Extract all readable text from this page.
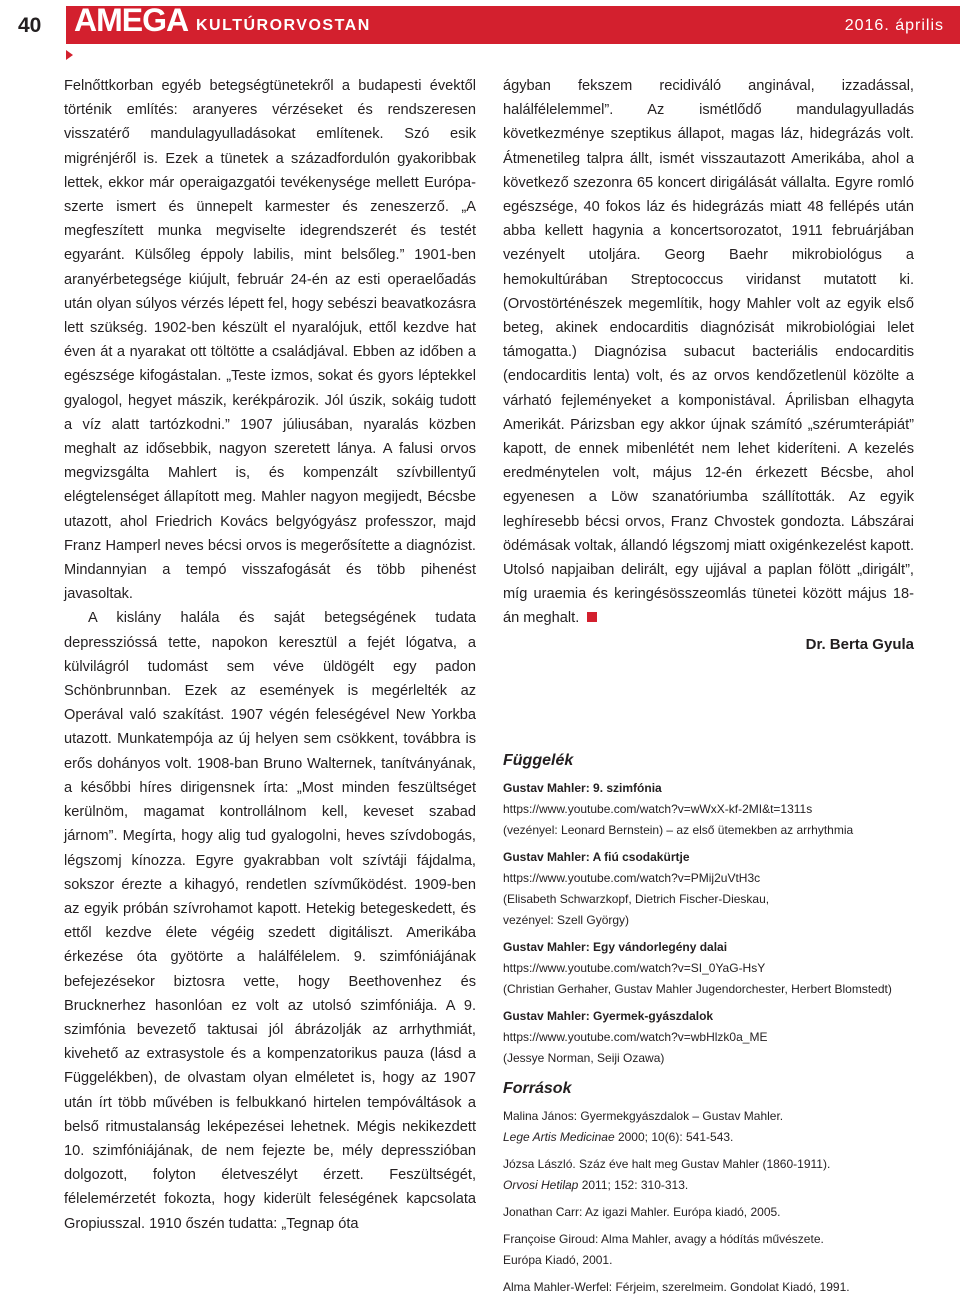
40 AMEGA KULTÚRORVOSTAN	2016. április

Felnőttkorban egyéb betegségtünetekről a budapesti évektől történik említés: aranyeres vérzéseket és rendszeresen visszatérő mandulagyulladásokat említenek. Szó esik migrénjéről is. Ezek a tünetek a századfordulón gyakoribbak lettek, ekkor már operaigazgatói tevékenysége mellett Európa-szerte ismert és ünnepelt karmester és zeneszerző. „A megfeszített munka megviselte idegrendszerét és testét egyaránt. Külsőleg éppoly labilis, mint belsőleg.” 1901-ben aranyérbetegsége kiújult, február 24-én az esti operaelőadás után olyan súlyos vérzés lépett fel, hogy sebészi beavatkozásra lett szükség. 1902-ben készült el nyaralójuk, ettől kezdve hat éven át a nyarakat ott töltötte a családjával. Ebben az időben a egészsége kifogástalan. „Teste izmos, sokat és gyors léptekkel gyalogol, hegyet mászik, kerékpározik. Jól úszik, sokáig tudott a víz alatt tartózkodni.” 1907 júliusában, nyaralás közben meghalt az idősebbik, nagyon szeretett lánya. A falusi orvos megvizsgálta Mahlert is, és kompenzált szívbillentyű elégtelenséget állapított meg. Mahler nagyon megijedt, Bécsbe utazott, ahol Friedrich Kovács belgyógyász professzor, majd Franz Hamperl neves bécsi orvos is megerősítette a diagnózist. Mindannyian a tempó visszafogását és több pihenést javasoltak.

A kislány halála és saját betegségének tudata depresszióssá tette, napokon keresztül a fejét lógatva, a külvilágról tudomást sem véve üldögélt egy padon Schönbrunnban. Ezek az események is megérlelték az Operával való szakítást. 1907 végén feleségével New Yorkba utazott. Munkatempója az új helyen sem csökkent, továbbra is erős dohányos volt. 1908-ban Bruno Walternek, tanítványának, a későbbi híres dirigensnek írta: „Most minden feszültséget kerülnöm, magamat kontrollálnom kell, keveset szabad járnom”. Megírta, hogy alig tud gyalogolni, heves szívdobogás, légszomj kínozza. Egyre gyakrabban volt szívtáji fájdalma, sokszor érezte a kihagyó, rendetlen szívműködést. 1909-ben az egyik próbán szívrohamot kapott. Hetekig betegeskedett, és ettől kezdve élete végéig szedett digitáliszt. Amerikába érkezése óta gyötörte a halálfélelem. 9. szimfóniájának befejezésekor biztosra vette, hogy Beethovenhez és Brucknerhez hasonlóan ez volt az utolsó szimfóniája. A 9. szimfónia bevezető taktusai jól ábrázolják az arrhythmiát, kivehető az extrasystole és a kompenzatorikus pauza (lásd a Függelékben), de olvastam olyan elméletet is, hogy az 1907 után írt több művében is felbukkanó hirtelen tempóváltások a belső ritmustalanság leképezései lehetnek. Mégis nekikezdett 10. szimfóniájának, de nem fejezte be, mély depresszióban dolgozott, folyton életveszélyt érzett. Feszültségét, félelemérzetét fokozta, hogy kiderült feleségének kapcsolata Gropiusszal. 1910 őszén tudatta: „Tegnap óta

ágyban fekszem recidiváló anginával, izzadással, halálfélelemmel”. Az ismétlődő mandulagyulladás következménye szeptikus állapot, magas láz, hidegrázás volt. Átmenetileg talpra állt, ismét visszautazott Amerikába, ahol a következő szezonra 65 koncert dirigálását vállalta. Egyre romló egészsége, 40 fokos láz és hidegrázás miatt 48 fellépés után abba kellett hagynia a koncertsorozatot, 1911 februárjában vezényelt utoljára. Georg Baehr mikrobiológus a hemokultúrában Streptococcus viridanst mutatott ki. (Orvostörténészek megemlítik, hogy Mahler volt az egyik első beteg, akinek endocarditis diagnózisát mikrobiológiai lelet támogatta.) Diagnózisa subacut bacteriális endocarditis (endocarditis lenta) volt, és az orvos kendőzetlenül közölte a várható fejleményeket a komponistával. Áprilisban elhagyta Amerikát. Párizsban egy akkor újnak számító „szérumterápiát” kapott, de ennek mibenlétét nem lehet kideríteni. A kezelés eredménytelen volt, május 12-én érkezett Bécsbe, ahol egyenesen a Löw szanatóriumba szállították. Az egyik leghíresebb bécsi orvos, Franz Chvostek gondozta. Lábszárai ödémásak voltak, állandó légszomj miatt oxigénkezelést kapott. Utolsó napjaiban delirált, egy ujjával a paplan fölött „dirigált”, míg uraemia és keringésösszeomlás tünetei között május 18-án meghalt.

Dr. Berta Gyula
Függelék
Gustav Mahler: 9. szimfónia
https://www.youtube.com/watch?v=wWxX-kf-2MI&t=1311s
(vezényel: Leonard Bernstein) – az első ütemekben az arrhythmia
Gustav Mahler: A fiú csodakürtje
https://www.youtube.com/watch?v=PMij2uVtH3c
(Elisabeth Schwarzkopf, Dietrich Fischer-Dieskau, vezényel: Szell György)
Gustav Mahler: Egy vándorlegény dalai
https://www.youtube.com/watch?v=SI_0YaG-HsY
(Christian Gerhaher, Gustav Mahler Jugendorchester, Herbert Blomstedt)
Gustav Mahler: Gyermek-gyászdalok
https://www.youtube.com/watch?v=wbHlzk0a_ME
(Jessye Norman, Seiji Ozawa)
Források
Malina János: Gyermekgyászdalok – Gustav Mahler.
Lege Artis Medicinae 2000; 10(6): 541-543.
Józsa László. Száz éve halt meg Gustav Mahler (1860-1911).
Orvosi Hetilap 2011; 152: 310-313.
Jonathan Carr: Az igazi Mahler. Európa kiadó, 2005.
Françoise Giroud: Alma Mahler, avagy a hódítás művészete. Európa Kiadó, 2001.
Alma Mahler-Werfel: Férjeim, szerelmeim. Gondolat Kiadó, 1991.
